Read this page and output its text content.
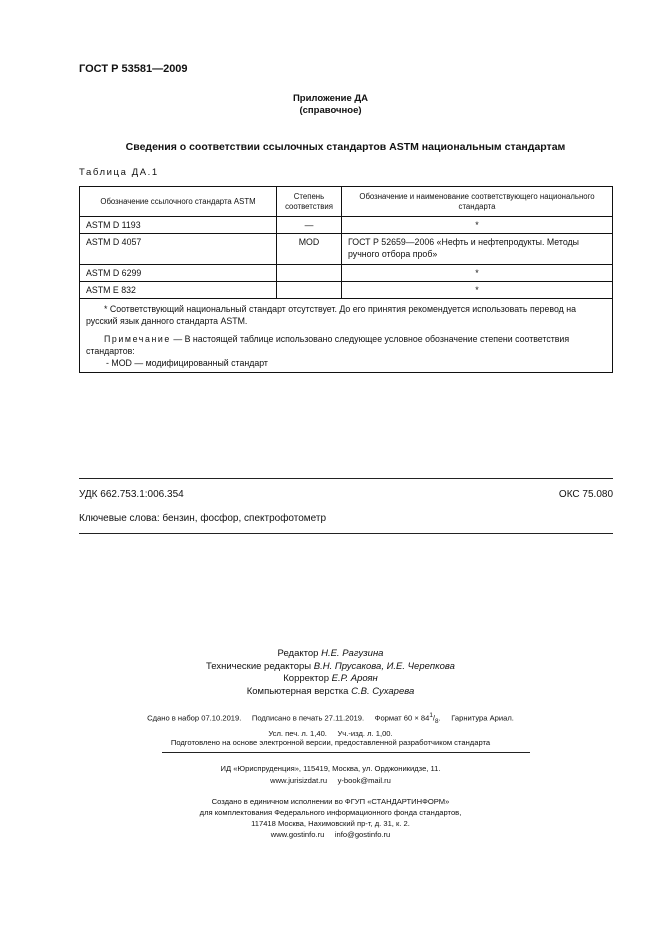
ГОСТ Р 53581—2009
Приложение ДА
(справочное)
Сведения о соответствии ссылочных стандартов ASTM национальным стандартам
Таблица ДА.1
Обозначение ссылочного стандарта ASTM	Степень соответствия	Обозначение и наименование соответствующего национального стандарта
ASTM D 1193	—	*
ASTM D 4057	MOD	ГОСТ Р 52659—2006 «Нефть и нефтепродукты. Методы ручного отбора проб»
ASTM D 6299		*
ASTM E 832		*

* Соответствующий национальный стандарт отсутствует. До его принятия рекомендуется использовать перевод на русский язык данного стандарта ASTM.

Примечание — В настоящей таблице использовано следующее условное обозначение степени соответствия стандартов:

- MOD — модифицированный стандарт		

УДК 662.753.1:006.354	ОКС 75.080
Ключевые слова: бензин, фосфор, спектрофотометр
Редактор Н.Е. Рагузина
Технические редакторы В.Н. Прусакова, И.Е. Черепкова
Корректор Е.Р. Ароян
Компьютерная верстка С.В. Сухарева
Сдано в набор 07.10.2019. Подписано в печать 27.11.2019. Формат $60 \times 84^1/_8$. Гарнитура Ариал.
Усл. печ. л. 1,40.     Уч.-изд. л. 1,00.
Подготовлено на основе электронной версии, предоставленной разработчиком стандарта
ИД «Юриспруденция», 115419, Москва, ул. Орджоникидзе, 11.
www.jurisizdat.ru     y-book@mail.ru
Создано в единичном исполнении во ФГУП «СТАНДАРТИНФОРМ»
для комплектования Федерального информационного фонда стандартов,
117418 Москва, Нахимовский пр-т, д. 31, к. 2.
www.gostinfo.ru     info@gostinfo.ru
